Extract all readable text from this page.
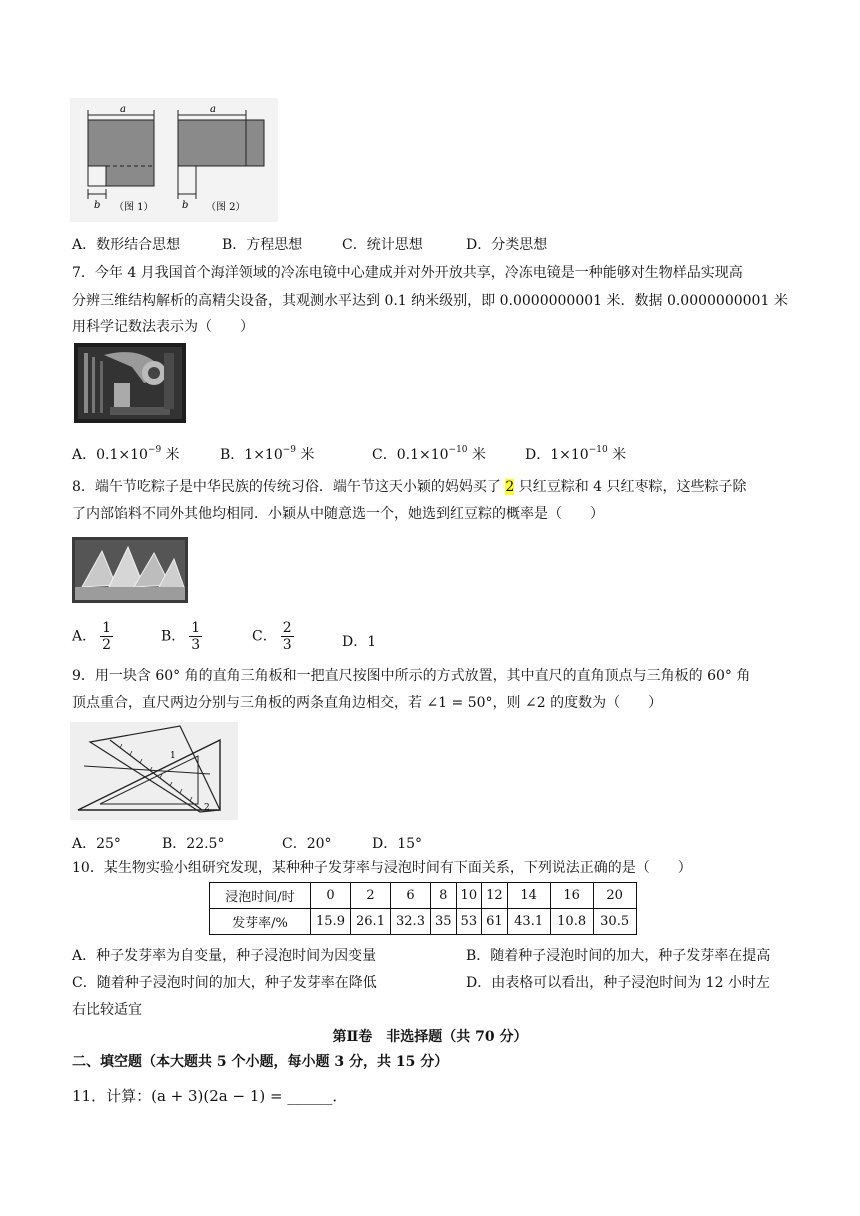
a
b （图 1）
a
b （图 2）
A．数形结合思想	B．方程思想	C．统计思想	D．分类思想
7．今年 4 月我国首个海洋领域的冷冻电镜中心建成并对外开放共享，冷冻电镜是一种能够对生物样品实现高
分辨三维结构解析的高精尖设备，其观测水平达到 0.1 纳米级别，即 0.0000000001 米．数据 0.0000000001 米
用科学记数法表示为（　　）
A．$0.1\times 10^{-9}$ 米	B．$1\times 10^{-9}$ 米	C．$0.1\times 10^{-10}$ 米	D．$1\times 10^{-10}$ 米
8．端午节吃粽子是中华民族的传统习俗．端午节这天小颖的妈妈买了 2 只红豆粽和 4 只红枣粽，这些粽子除
了内部馅料不同外其他均相同．小颖从中随意选一个，她选到红豆粽的概率是（　　）
A． $\frac{1}{2}$	B． $\frac{1}{3}$	C． $\frac{2}{3}$	D．1
9．用一块含 60° 角的直角三角板和一把直尺按图中所示的方式放置，其中直尺的直角顶点与三角板的 60° 角
顶点重合，直尺两边分别与三角板的两条直角边相交，若 ∠1 = 50°，则 ∠2 的度数为（　　）
1
2
A．25°	B．22.5°	C．20°	D．15°
10．某生物实验小组研究发现，某种种子发芽率与浸泡时间有下面关系，下列说法正确的是（　　）
浸泡时间/时	0	2	6	8	10	12	14	16	20
发芽率/%	15.9	26.1	32.3	35	53	61	43.1	10.8	30.5
A．种子发芽率为自变量，种子浸泡时间为因变量	B．随着种子浸泡时间的加大，种子发芽率在提高
C．随着种子浸泡时间的加大，种子发芽率在降低	D．由表格可以看出，种子浸泡时间为 12 小时左
右比较适宜
第Ⅱ卷　非选择题（共 70 分）
二、填空题（本大题共 5 个小题，每小题 3 分，共 15 分）
11．计算：(a + 3)(2a − 1) = ______．
